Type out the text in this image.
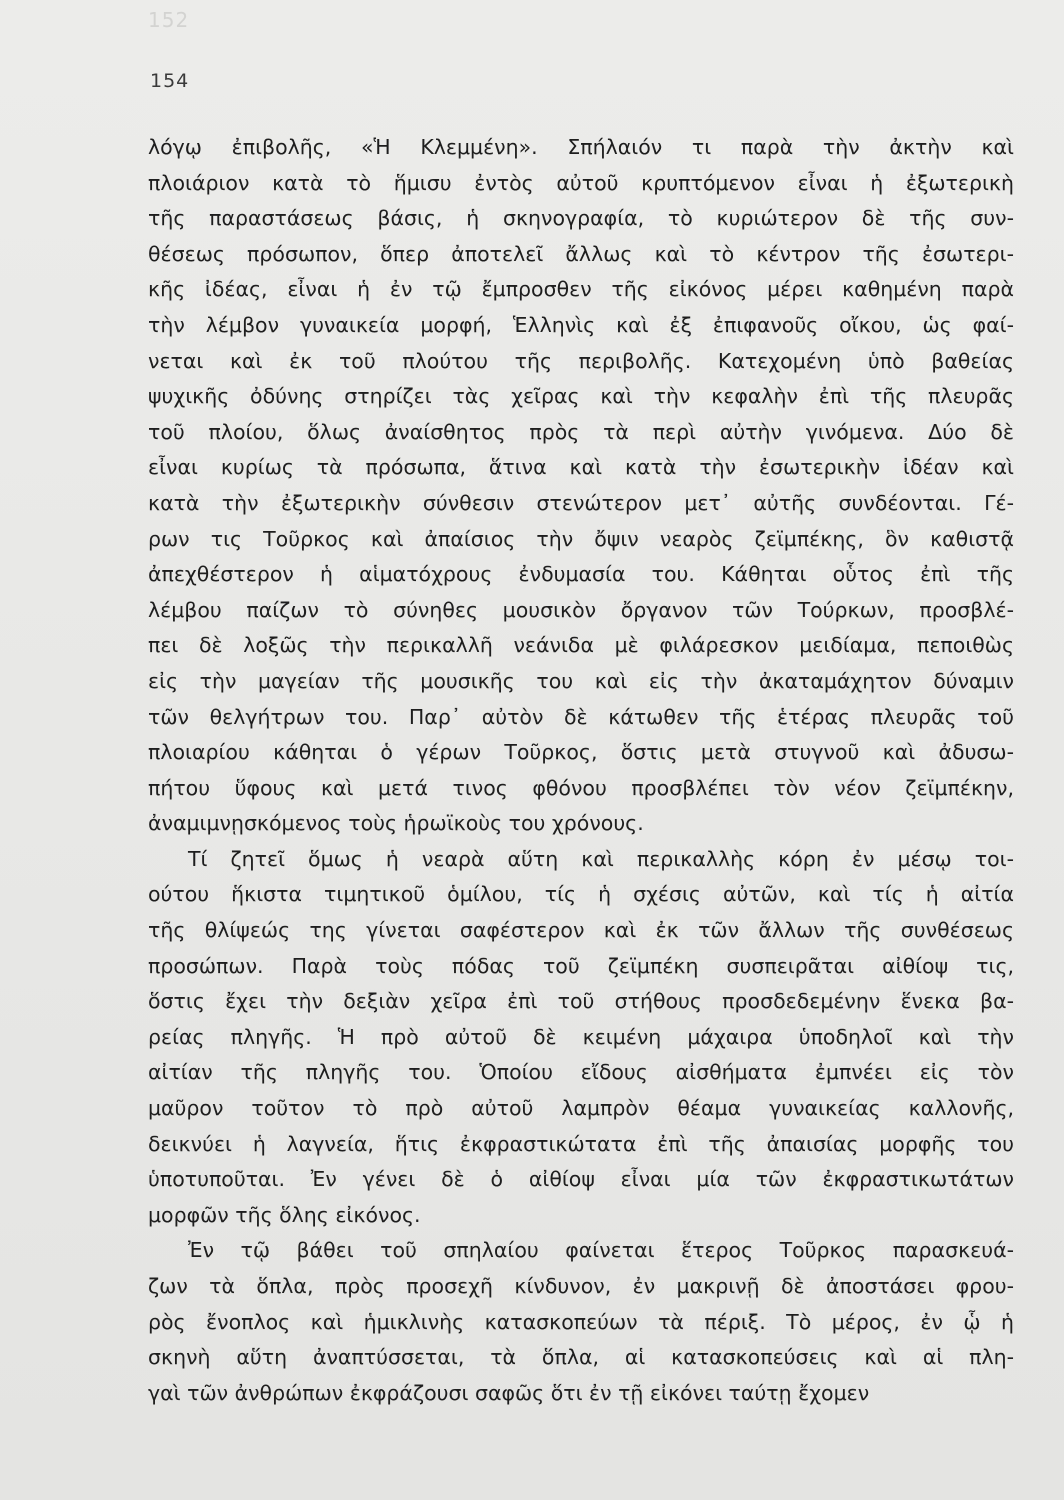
152
154
λόγῳ ἐπιβολῆς, «Ἡ Κλεμμένη». Σπήλαιόν τι παρὰ τὴν ἀκτὴν καὶ
πλοιάριον κατὰ τὸ ἥμισυ ἐντὸς αὐτοῦ κρυπτόμενον εἶναι ἡ ἐξωτερικὴ
τῆς παραστάσεως βάσις, ἡ σκηνογραφία, τὸ κυριώτερον δὲ τῆς συν-
θέσεως πρόσωπον, ὅπερ ἀποτελεῖ ἄλλως καὶ τὸ κέντρον τῆς ἐσωτερι-
κῆς ἰδέας, εἶναι ἡ ἐν τῷ ἔμπροσθεν τῆς εἰκόνος μέρει καθημένη παρὰ
τὴν λέμβον γυναικεία μορφή, Ἑλληνὶς καὶ ἐξ ἐπιφανοῦς οἴκου, ὡς φαί-
νεται καὶ ἐκ τοῦ πλούτου τῆς περιβολῆς. Κατεχομένη ὑπὸ βαθείας
ψυχικῆς ὀδύνης στηρίζει τὰς χεῖρας καὶ τὴν κεφαλὴν ἐπὶ τῆς πλευρᾶς
τοῦ πλοίου, ὅλως ἀναίσθητος πρὸς τὰ περὶ αὐτὴν γινόμενα. Δύο δὲ
εἶναι κυρίως τὰ πρόσωπα, ἅτινα καὶ κατὰ τὴν ἐσωτερικὴν ἰδέαν καὶ
κατὰ τὴν ἐξωτερικὴν σύνθεσιν στενώτερον μετ᾽ αὐτῆς συνδέονται. Γέ-
ρων τις Τοῦρκος καὶ ἀπαίσιος τὴν ὄψιν νεαρὸς ζεϊμπέκης, ὃν καθιστᾷ
ἀπεχθέστερον ἡ αἱματόχρους ἐνδυμασία του. Κάθηται οὗτος ἐπὶ τῆς
λέμβου παίζων τὸ σύνηθες μουσικὸν ὄργανον τῶν Τούρκων, προσβλέ-
πει δὲ λοξῶς τὴν περικαλλῆ νεάνιδα μὲ φιλάρεσκον μειδίαμα, πεποιθὼς
εἰς τὴν μαγείαν τῆς μουσικῆς του καὶ εἰς τὴν ἀκαταμάχητον δύναμιν
τῶν θελγήτρων του. Παρ᾽ αὐτὸν δὲ κάτωθεν τῆς ἑτέρας πλευρᾶς τοῦ
πλοιαρίου κάθηται ὁ γέρων Τοῦρκος, ὅστις μετὰ στυγνοῦ καὶ ἀδυσω-
πήτου ὕφους καὶ μετά τινος φθόνου προσβλέπει τὸν νέον ζεϊμπέκην,
ἀναμιμνῃσκόμενος τοὺς ἡρωϊκοὺς του χρόνους.
Τί ζητεῖ ὅμως ἡ νεαρὰ αὕτη καὶ περικαλλὴς κόρη ἐν μέσῳ τοι-
ούτου ἥκιστα τιμητικοῦ ὁμίλου, τίς ἡ σχέσις αὐτῶν, καὶ τίς ἡ αἰτία
τῆς θλίψεώς της γίνεται σαφέστερον καὶ ἐκ τῶν ἄλλων τῆς συνθέσεως
προσώπων. Παρὰ τοὺς πόδας τοῦ ζεϊμπέκη συσπειρᾶται αἰθίοψ τις,
ὅστις ἔχει τὴν δεξιὰν χεῖρα ἐπὶ τοῦ στήθους προσδεδεμένην ἕνεκα βα-
ρείας πληγῆς. Ἡ πρὸ αὐτοῦ δὲ κειμένη μάχαιρα ὑποδηλοῖ καὶ τὴν
αἰτίαν τῆς πληγῆς του. Ὁποίου εἴδους αἰσθήματα ἐμπνέει εἰς τὸν
μαῦρον τοῦτον τὸ πρὸ αὐτοῦ λαμπρὸν θέαμα γυναικείας καλλονῆς,
δεικνύει ἡ λαγνεία, ἥτις ἐκφραστικώτατα ἐπὶ τῆς ἀπαισίας μορφῆς του
ὑποτυποῦται. Ἐν γένει δὲ ὁ αἰθίοψ εἶναι μία τῶν ἐκφραστικωτάτων
μορφῶν τῆς ὅλης εἰκόνος.
Ἐν τῷ βάθει τοῦ σπηλαίου φαίνεται ἕτερος Τοῦρκος παρασκευά-
ζων τὰ ὅπλα, πρὸς προσεχῆ κίνδυνον, ἐν μακρινῇ δὲ ἀποστάσει φρου-
ρὸς ἔνοπλος καὶ ἡμικλινὴς κατασκοπεύων τὰ πέριξ. Τὸ μέρος, ἐν ᾧ ἡ
σκηνὴ αὕτη ἀναπτύσσεται, τὰ ὅπλα, αἱ κατασκοπεύσεις καὶ αἱ πλη-
γαὶ τῶν ἀνθρώπων ἐκφράζουσι σαφῶς ὅτι ἐν τῇ εἰκόνει ταύτῃ ἔχομεν
